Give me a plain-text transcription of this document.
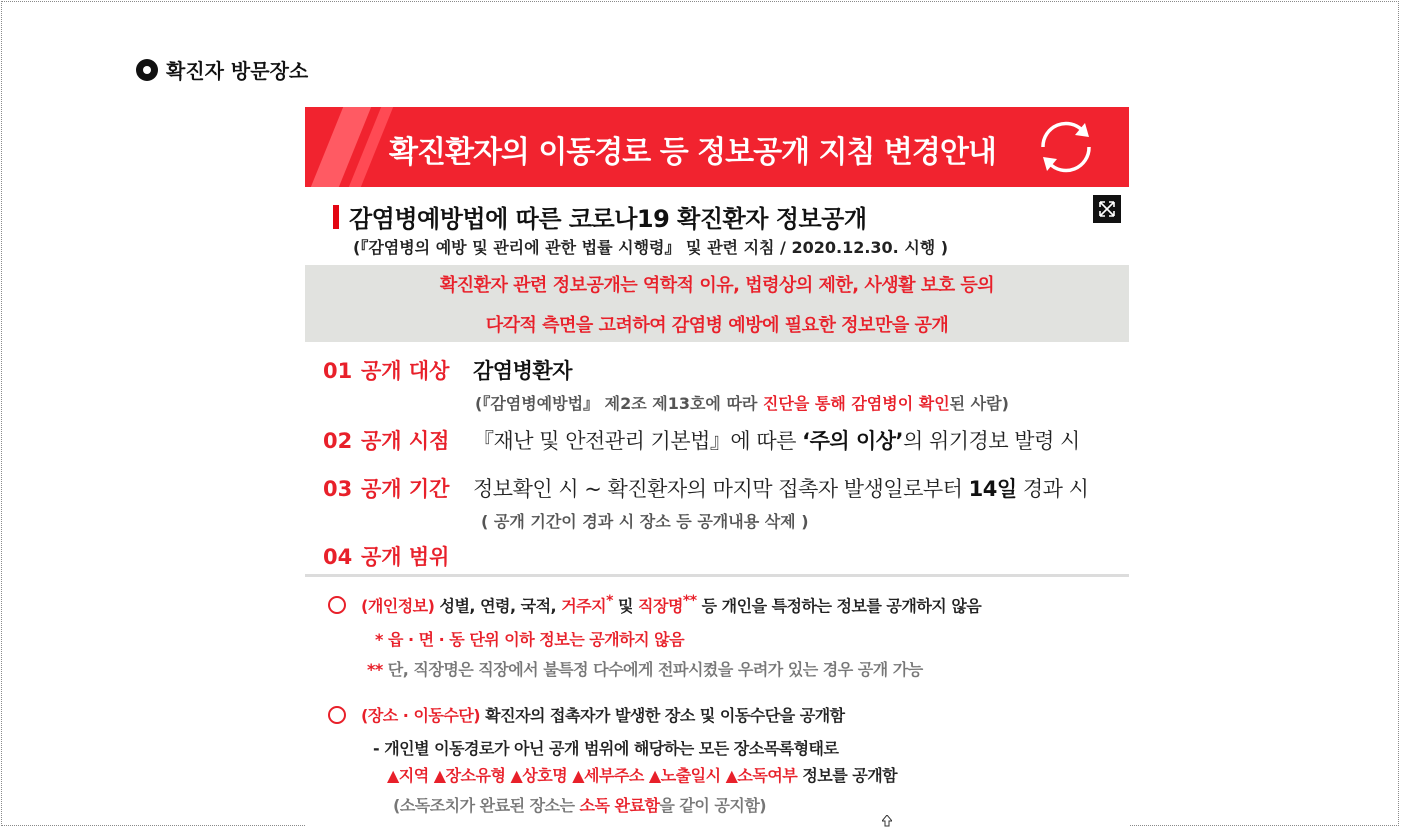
확진자 방문장소
확진환자의 이동경로 등 정보공개 지침 변경안내
감염병예방법에 따른 코로나19 확진환자 정보공개
(『감염병의 예방 및 관리에 관한 법률 시행령』 및 관련 지침 / 2020.12.30. 시행 )
확진환자 관련 정보공개는 역학적 이유, 법령상의 제한, 사생활 보호 등의
다각적 측면을 고려하여 감염병 예방에 필요한 정보만을 공개
01 공개 대상	감염병환자
(『감염병예방법』 제2조 제13호에 따라 진단을 통해 감염병이 확인된 사람)
02 공개 시점	『재난 및 안전관리 기본법』에 따른 ‘주의 이상’의 위기경보 발령 시
03 공개 기간	정보확인 시 ~ 확진환자의 마지막 접촉자 발생일로부터 14일 경과 시
( 공개 기간이 경과 시 장소 등 공개내용 삭제 )
04 공개 범위
(개인정보) 성별, 연령, 국적, 거주지* 및 직장명** 등 개인을 특정하는 정보를 공개하지 않음
* 읍 · 면 · 동 단위 이하 정보는 공개하지 않음
** 단, 직장명은 직장에서 불특정 다수에게 전파시켰을 우려가 있는 경우 공개 가능
(장소 · 이동수단) 확진자의 접촉자가 발생한 장소 및 이동수단을 공개함
- 개인별 이동경로가 아닌 공개 범위에 해당하는 모든 장소목록형태로
▲지역 ▲장소유형 ▲상호명 ▲세부주소 ▲노출일시 ▲소독여부 정보를 공개함
(소독조치가 완료된 장소는 소독 완료함을 같이 공지함)
